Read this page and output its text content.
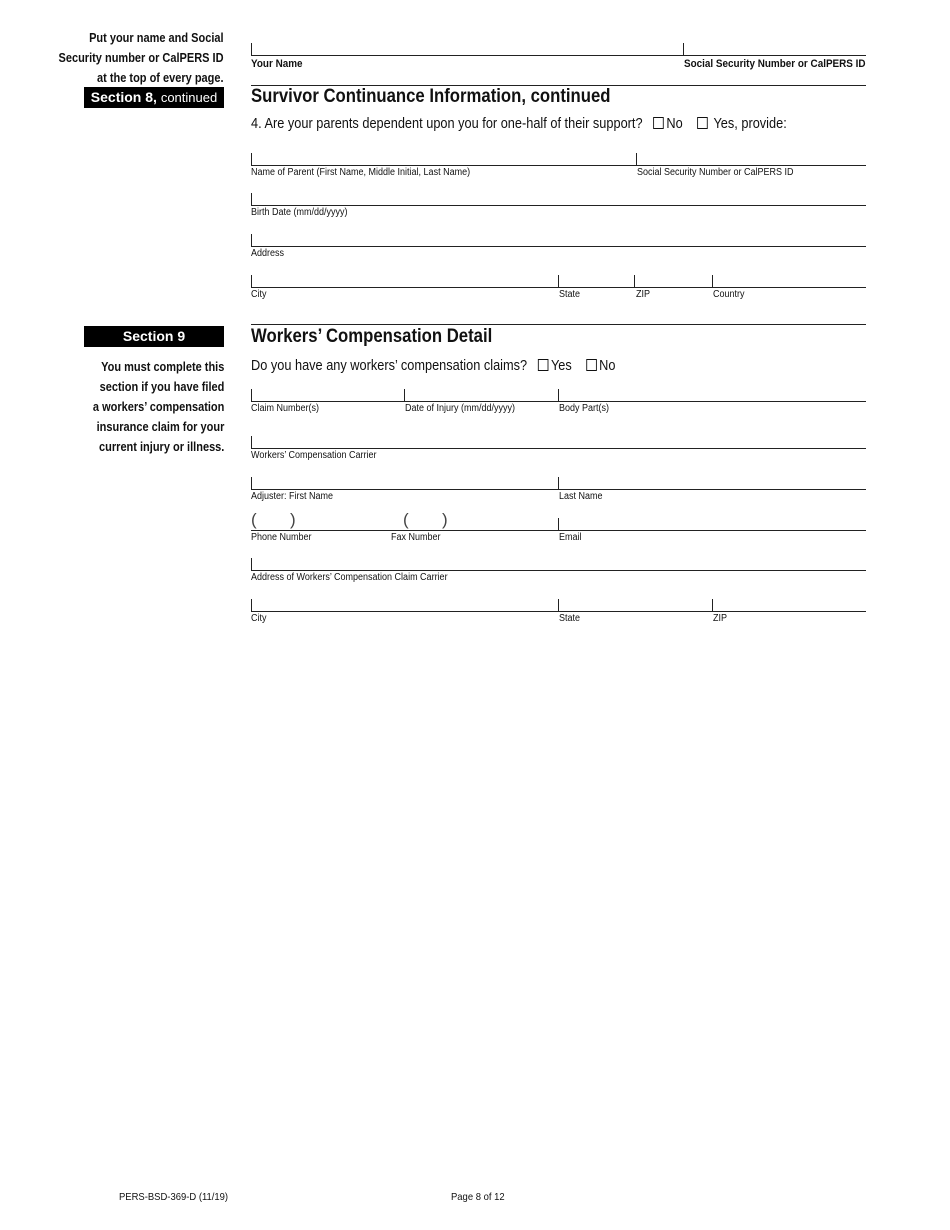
Put your name and Social
Security number or CalPERS ID
at the top of every page.
Your Name	Social Security Number or CalPERS ID
Section 8, continued	Survivor Continuance Information, continued
4. Are your parents dependent upon you for one-half of their support? No Yes, provide:
Name of Parent (First Name, Middle Initial, Last Name)	Social Security Number or CalPERS ID
Birth Date (mm/dd/yyyy)
Address
City	State	ZIP	Country
Section 9	Workers’ Compensation Detail
You must complete this
section if you have filed
a workers’ compensation
insurance claim for your
current injury or illness.
Do you have any workers’ compensation claims? Yes No
Claim Number(s)	Date of Injury (mm/dd/yyyy)	Body Part(s)
Workers’ Compensation Carrier
Adjuster: First Name	Last Name
( )	( )
Phone Number	Fax Number	Email
Address of Workers’ Compensation Claim Carrier
City	State	ZIP
PERS-BSD-369-D (11/19)	Page 8 of 12
